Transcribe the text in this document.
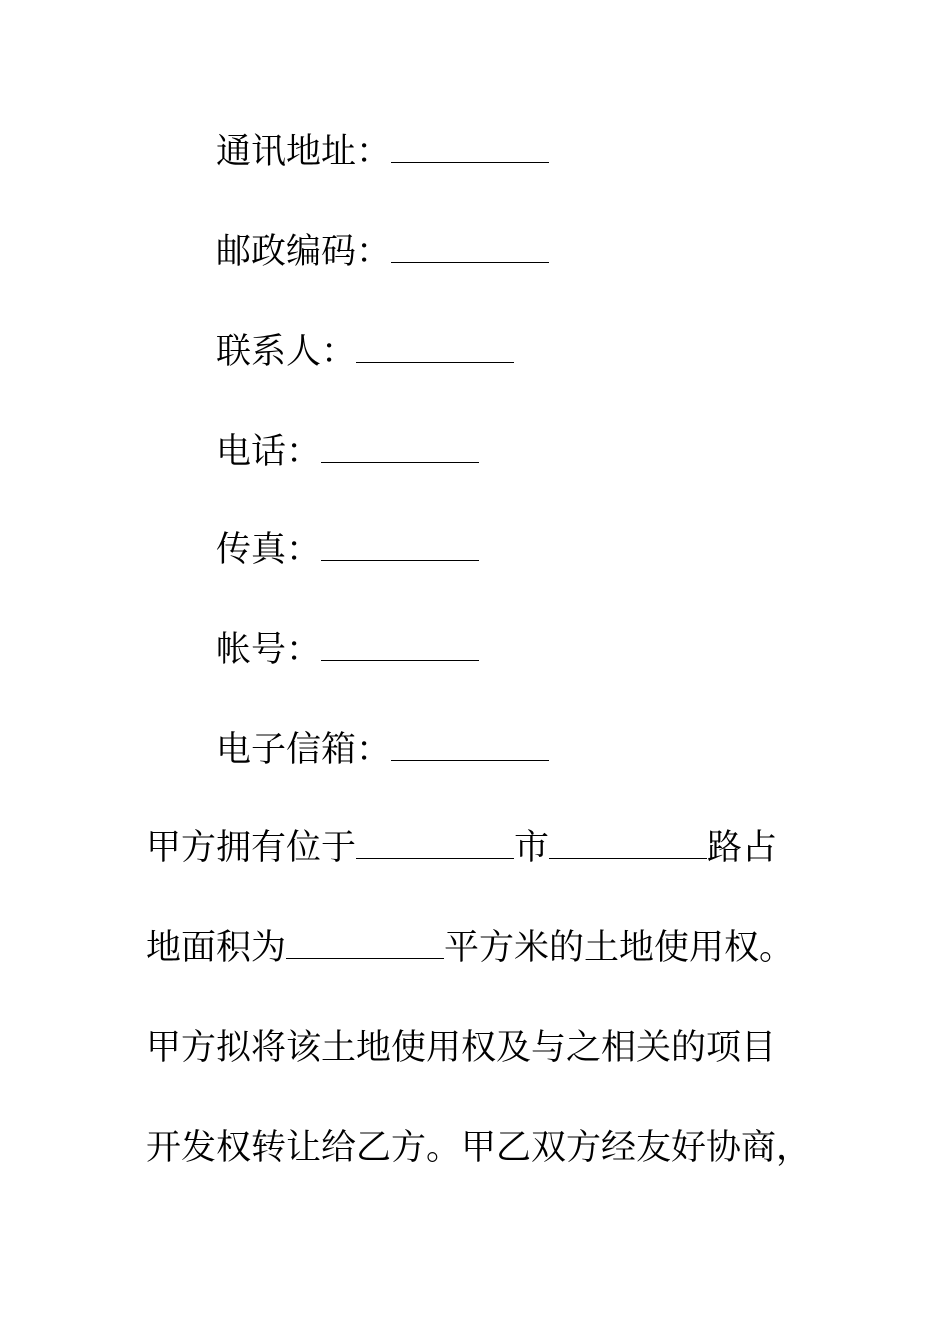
通讯地址：
邮政编码：
联系人：
电话：
传真：
帐号：
电子信箱：
甲方拥有位于	市	路占
地面积为	平方米的土地使用权。
甲方拟将该土地使用权及与之相关的项目
开发权转让给乙方。甲乙双方经友好协商，
